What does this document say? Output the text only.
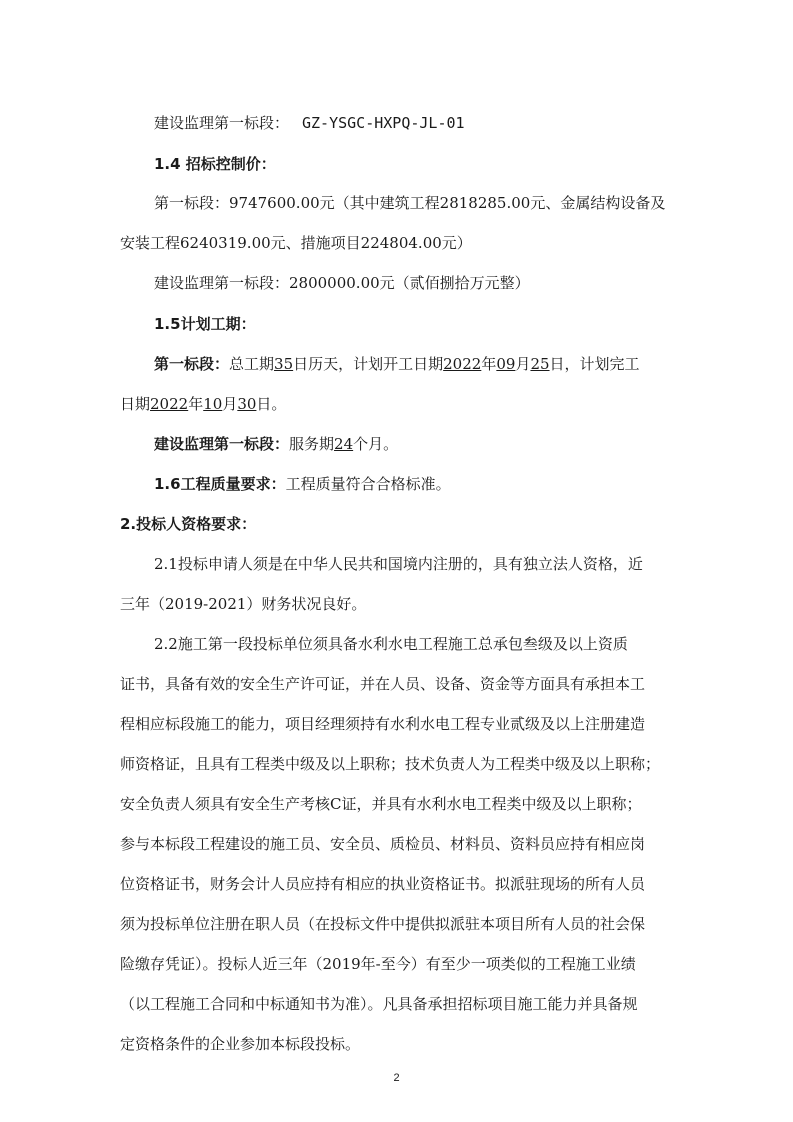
建设监理第一标段： GZ-YSGC-HXPQ-JL-01
1.4 招标控制价：
第一标段：9747600.00元（其中建筑工程2818285.00元、金属结构设备及
安装工程6240319.00元、措施项目224804.00元）
建设监理第一标段：2800000.00元（贰佰捌拾万元整）
1.5计划工期：
第一标段：总工期35日历天，计划开工日期2022年09月25日，计划完工
日期2022年10月30日。
建设监理第一标段：服务期24个月。
1.6工程质量要求：工程质量符合合格标准。
2.投标人资格要求：
2.1投标申请人须是在中华人民共和国境内注册的，具有独立法人资格，近
三年（2019-2021）财务状况良好。
2.2施工第一段投标单位须具备水利水电工程施工总承包叁级及以上资质
证书，具备有效的安全生产许可证，并在人员、设备、资金等方面具有承担本工
程相应标段施工的能力，项目经理须持有水利水电工程专业贰级及以上注册建造
师资格证，且具有工程类中级及以上职称；技术负责人为工程类中级及以上职称；
安全负责人须具有安全生产考核C证，并具有水利水电工程类中级及以上职称；
参与本标段工程建设的施工员、安全员、质检员、材料员、资料员应持有相应岗
位资格证书，财务会计人员应持有相应的执业资格证书。拟派驻现场的所有人员
须为投标单位注册在职人员（在投标文件中提供拟派驻本项目所有人员的社会保
险缴存凭证）。投标人近三年（2019年-至今）有至少一项类似的工程施工业绩
（以工程施工合同和中标通知书为准）。凡具备承担招标项目施工能力并具备规
定资格条件的企业参加本标段投标。
2
